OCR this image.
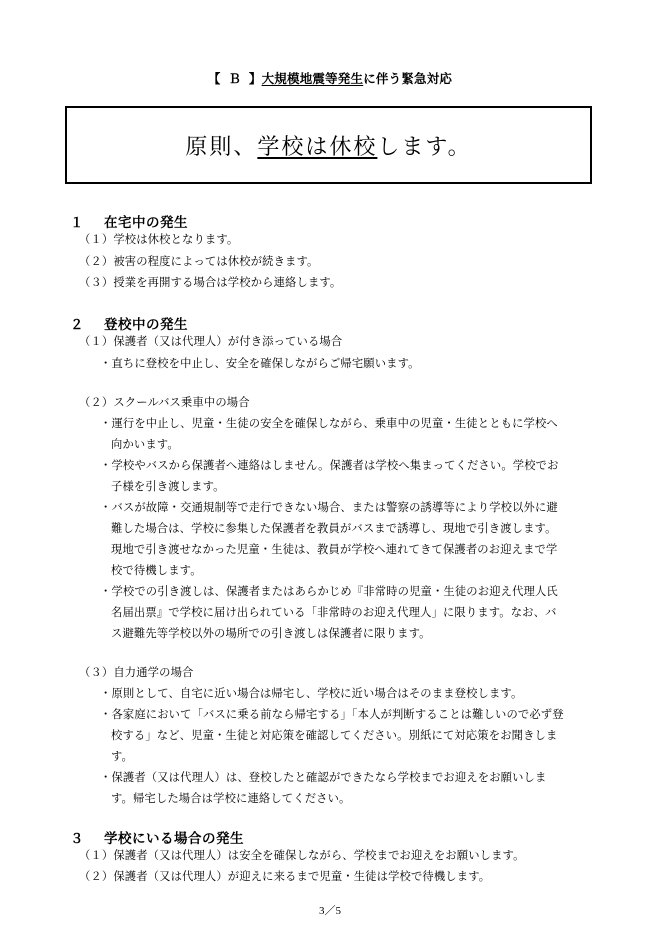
【Ｂ】大規模地震等発生に伴う緊急対応
原則、学校は休校します。
１ 在宅中の発生
（１）学校は休校となります。
（２）被害の程度によっては休校が続きます。
（３）授業を再開する場合は学校から連絡します。
２ 登校中の発生
（１）保護者（又は代理人）が付き添っている場合
・直ちに登校を中止し、安全を確保しながらご帰宅願います。
（２）スクールバス乗車中の場合
・運行を中止し、児童・生徒の安全を確保しながら、乗車中の児童・生徒とともに学校へ
向かいます。
・学校やバスから保護者へ連絡はしません。保護者は学校へ集まってください。学校でお
子様を引き渡します。
・バスが故障・交通規制等で走行できない場合、または警察の誘導等により学校以外に避
難した場合は、学校に参集した保護者を教員がバスまで誘導し、現地で引き渡します。
現地で引き渡せなかった児童・生徒は、教員が学校へ連れてきて保護者のお迎えまで学
校で待機します。
・学校での引き渡しは、保護者またはあらかじめ『非常時の児童・生徒のお迎え代理人氏
名届出票』で学校に届け出られている「非常時のお迎え代理人」に限ります。なお、バ
ス避難先等学校以外の場所での引き渡しは保護者に限ります。
（３）自力通学の場合
・原則として、自宅に近い場合は帰宅し、学校に近い場合はそのまま登校します。
・各家庭において「バスに乗る前なら帰宅する」「本人が判断することは難しいので必ず登
校する」など、児童・生徒と対応策を確認してください。別紙にて対応策をお聞きしま
す。
・保護者（又は代理人）は、登校したと確認ができたなら学校までお迎えをお願いしま
す。帰宅した場合は学校に連絡してください。
３ 学校にいる場合の発生
（１）保護者（又は代理人）は安全を確保しながら、学校までお迎えをお願いします。
（２）保護者（又は代理人）が迎えに来るまで児童・生徒は学校で待機します。
3／5
